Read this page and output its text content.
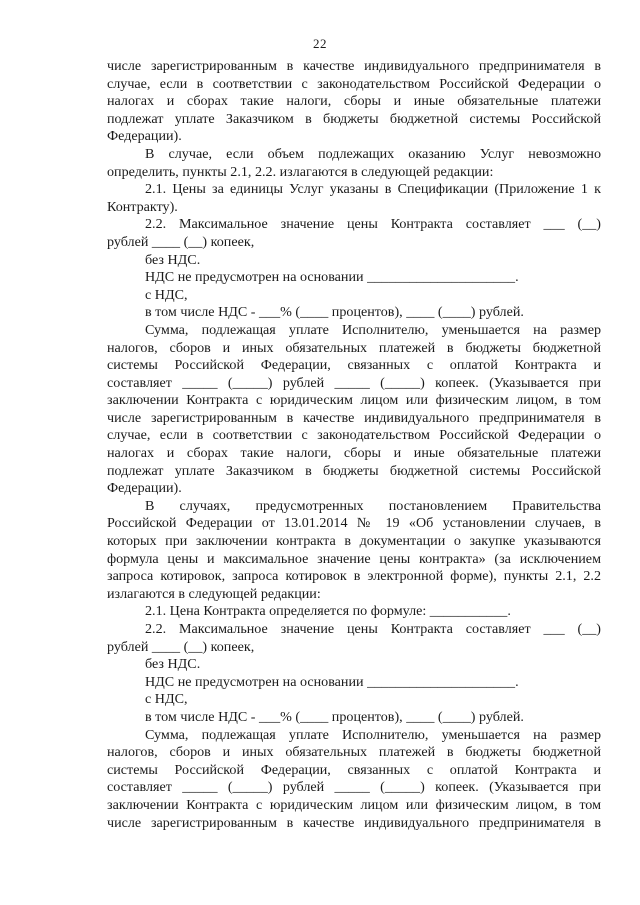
22
числе зарегистрированным в качестве индивидуального предпринимателя в
случае, если в соответствии с законодательством Российской Федерации о
налогах и сборах такие налоги, сборы и иные обязательные платежи
подлежат уплате Заказчиком в бюджеты бюджетной системы Российской
Федерации).
В случае, если объем подлежащих оказанию Услуг невозможно
определить, пункты 2.1, 2.2. излагаются в следующей редакции:
2.1. Цены за единицы Услуг указаны в Спецификации (Приложение 1 к
Контракту).
2.2. Максимальное значение цены Контракта составляет ___ (__)
рублей ____ (__) копеек,
без НДС.
НДС не предусмотрен на основании _____________________.
с НДС,
в том числе НДС - ___% (____ процентов), ____ (____) рублей.
Сумма, подлежащая уплате Исполнителю, уменьшается на размер
налогов, сборов и иных обязательных платежей в бюджеты бюджетной
системы Российской Федерации, связанных с оплатой Контракта и
составляет _____ (_____) рублей _____ (_____) копеек. (Указывается при
заключении Контракта с юридическим лицом или физическим лицом, в том
числе зарегистрированным в качестве индивидуального предпринимателя в
случае, если в соответствии с законодательством Российской Федерации о
налогах и сборах такие налоги, сборы и иные обязательные платежи
подлежат уплате Заказчиком в бюджеты бюджетной системы Российской
Федерации).
В случаях, предусмотренных постановлением Правительства
Российской Федерации от 13.01.2014 № 19 «Об установлении случаев, в
которых при заключении контракта в документации о закупке указываются
формула цены и максимальное значение цены контракта» (за исключением
запроса котировок, запроса котировок в электронной форме), пункты 2.1, 2.2
излагаются в следующей редакции:
2.1. Цена Контракта определяется по формуле: ___________.
2.2. Максимальное значение цены Контракта составляет ___ (__)
рублей ____ (__) копеек,
без НДС.
НДС не предусмотрен на основании _____________________.
с НДС,
в том числе НДС - ___% (____ процентов), ____ (____) рублей.
Сумма, подлежащая уплате Исполнителю, уменьшается на размер
налогов, сборов и иных обязательных платежей в бюджеты бюджетной
системы Российской Федерации, связанных с оплатой Контракта и
составляет _____ (_____) рублей _____ (_____) копеек. (Указывается при
заключении Контракта с юридическим лицом или физическим лицом, в том
числе зарегистрированным в качестве индивидуального предпринимателя в
